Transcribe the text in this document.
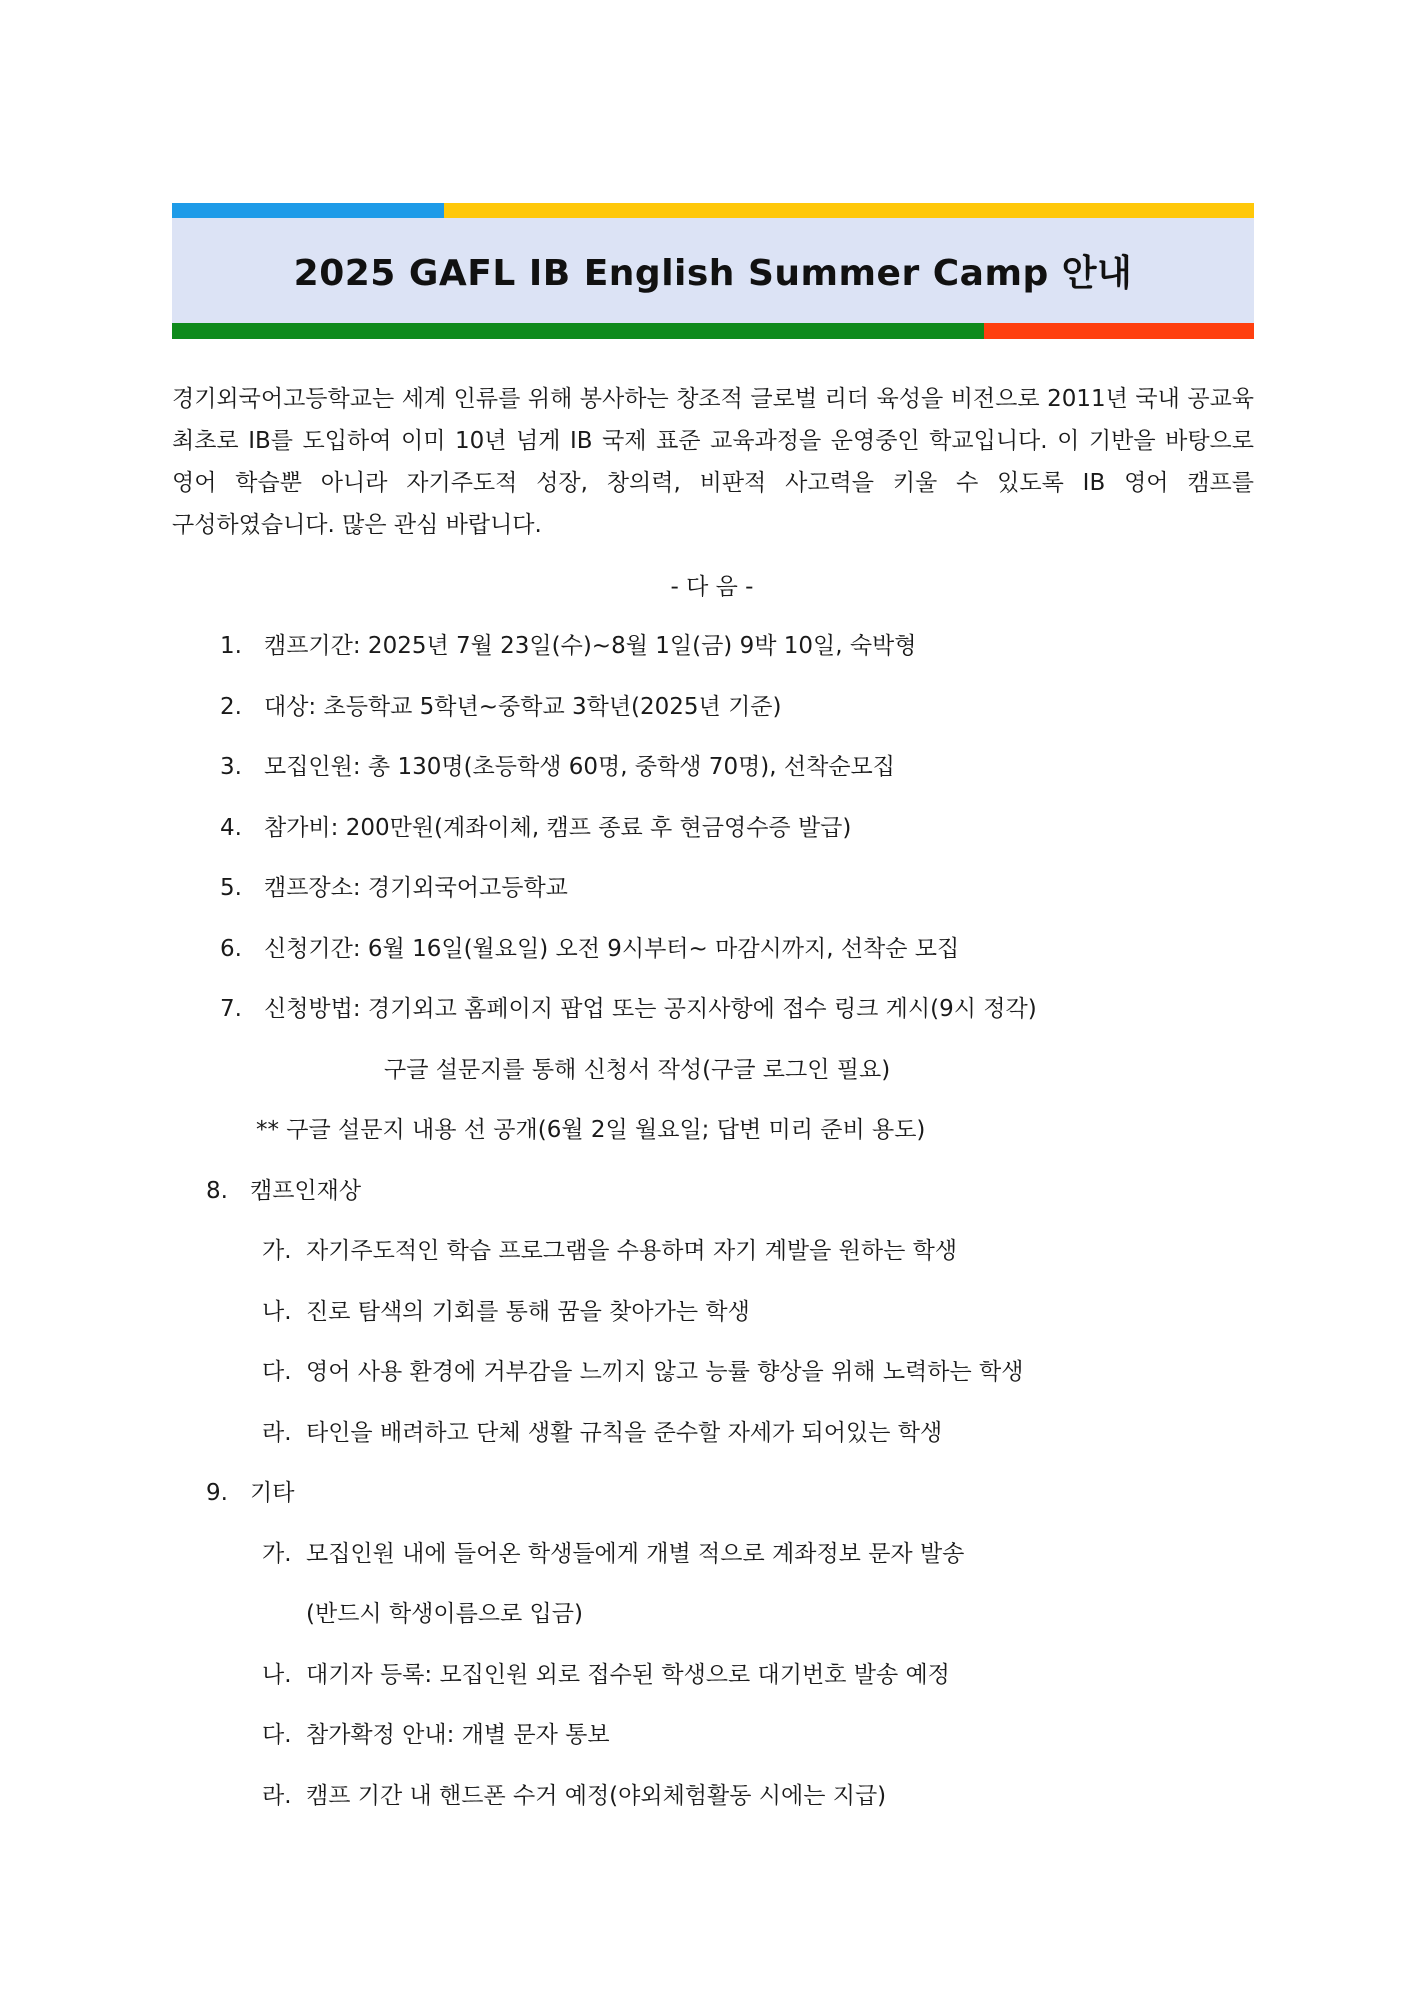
2025 GAFL IB English Summer Camp 안내

경기외국어고등학교는 세계 인류를 위해 봉사하는 창조적 글로벌 리더 육성을 비전으로 2011년 국내 공교육 최초로 IB를 도입하여 이미 10년 넘게 IB 국제 표준 교육과정을 운영중인 학교입니다. 이 기반을 바탕으로 영어 학습뿐 아니라 자기주도적 성장, 창의력, 비판적 사고력을 키울 수 있도록 IB 영어 캠프를 구성하였습니다. 많은 관심 바랍니다.

- 다 음 -
1. 캠프기간: 2025년 7월 23일(수)~8월 1일(금) 9박 10일, 숙박형
2. 대상: 초등학교 5학년~중학교 3학년(2025년 기준)
3. 모집인원: 총 130명(초등학생 60명, 중학생 70명), 선착순모집
4. 참가비: 200만원(계좌이체, 캠프 종료 후 현금영수증 발급)
5. 캠프장소: 경기외국어고등학교
6. 신청기간: 6월 16일(월요일) 오전 9시부터~ 마감시까지, 선착순 모집
7. 신청방법: 경기외고 홈페이지 팝업 또는 공지사항에 접수 링크 게시(9시 정각)
구글 설문지를 통해 신청서 작성(구글 로그인 필요)
** 구글 설문지 내용 선 공개(6월 2일 월요일; 답변 미리 준비 용도)
8. 캠프인재상
가. 자기주도적인 학습 프로그램을 수용하며 자기 계발을 원하는 학생
나. 진로 탐색의 기회를 통해 꿈을 찾아가는 학생
다. 영어 사용 환경에 거부감을 느끼지 않고 능률 향상을 위해 노력하는 학생
라. 타인을 배려하고 단체 생활 규칙을 준수할 자세가 되어있는 학생
9. 기타
가. 모집인원 내에 들어온 학생들에게 개별 적으로 계좌정보 문자 발송
(반드시 학생이름으로 입금)
나. 대기자 등록: 모집인원 외로 접수된 학생으로 대기번호 발송 예정
다. 참가확정 안내: 개별 문자 통보
라. 캠프 기간 내 핸드폰 수거 예정(야외체험활동 시에는 지급)
